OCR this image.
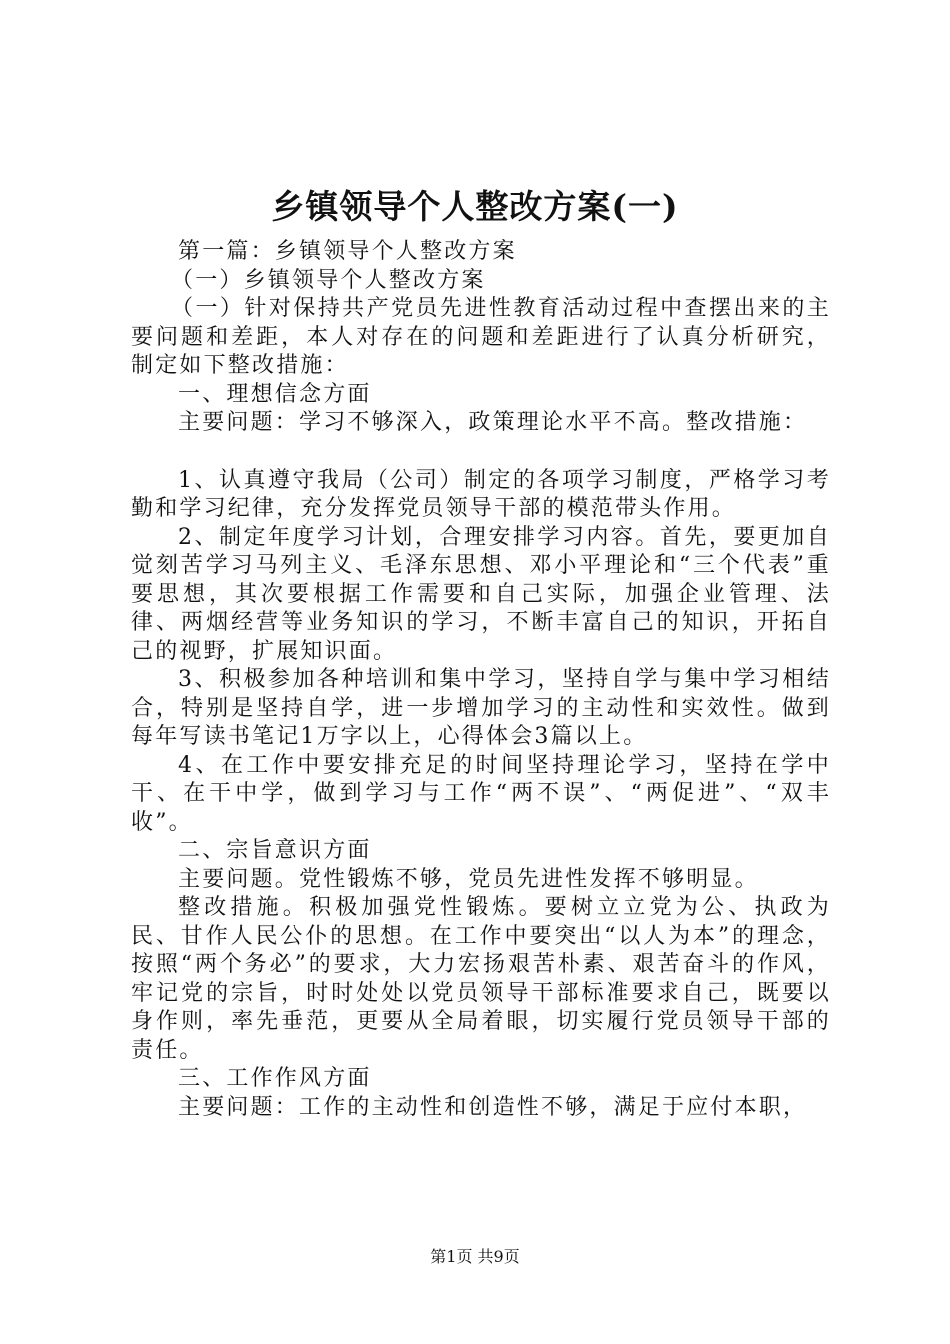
乡镇领导个人整改方案(一)

第一篇：乡镇领导个人整改方案

（一）乡镇领导个人整改方案

（一）针对保持共产党员先进性教育活动过程中查摆出来的主要问题和差距，本人对存在的问题和差距进行了认真分析研究，制定如下整改措施：

一、理想信念方面

主要问题：学习不够深入，政策理论水平不高。整改措施：

1、认真遵守我局（公司）制定的各项学习制度，严格学习考勤和学习纪律，充分发挥党员领导干部的模范带头作用。

2、制定年度学习计划，合理安排学习内容。首先，要更加自觉刻苦学习马列主义、毛泽东思想、邓小平理论和“三个代表”重要思想，其次要根据工作需要和自己实际，加强企业管理、法律、两烟经营等业务知识的学习，不断丰富自己的知识，开拓自己的视野，扩展知识面。

3、积极参加各种培训和集中学习，坚持自学与集中学习相结合，特别是坚持自学，进一步增加学习的主动性和实效性。做到每年写读书笔记1万字以上，心得体会3篇以上。

4、在工作中要安排充足的时间坚持理论学习，坚持在学中干、在干中学，做到学习与工作“两不误”、“两促进”、“双丰收”。

二、宗旨意识方面

主要问题。党性锻炼不够，党员先进性发挥不够明显。

整改措施。积极加强党性锻炼。要树立立党为公、执政为民、甘作人民公仆的思想。在工作中要突出“以人为本”的理念，按照“两个务必”的要求，大力宏扬艰苦朴素、艰苦奋斗的作风，牢记党的宗旨，时时处处以党员领导干部标准要求自己，既要以身作则，率先垂范，更要从全局着眼，切实履行党员领导干部的责任。

三、工作作风方面

主要问题：工作的主动性和创造性不够，满足于应付本职，

第1页 共9页
